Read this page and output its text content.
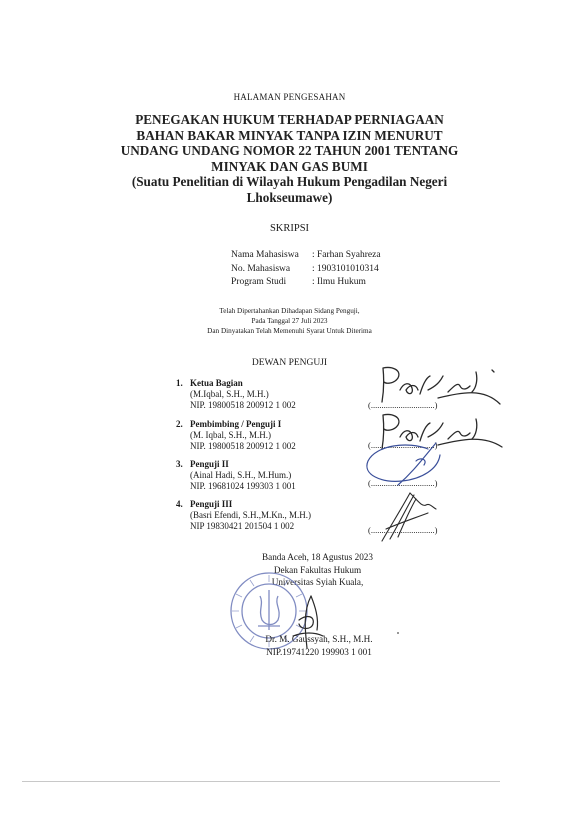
HALAMAN PENGESAHAN
PENEGAKAN HUKUM TERHADAP PERNIAGAAN
BAHAN BAKAR MINYAK TANPA IZIN MENURUT
UNDANG UNDANG NOMOR 22 TAHUN 2001 TENTANG
MINYAK DAN GAS BUMI
(Suatu Penelitian di Wilayah Hukum Pengadilan Negeri
Lhokseumawe)
SKRIPSI
Nama Mahasiswa	: Farhan Syahreza
No. Mahasiswa	: 1903101010314
Program Studi	: Ilmu Hukum
Telah Dipertahankan Dihadapan Sidang Penguji,
Pada Tanggal 27 Juli 2023
Dan Dinyatakan Telah Memenuhi Syarat Untuk Diterima
DEWAN PENGUJI
1. Ketua Bagian
(M.Iqbal, S.H., M.H.)
NIP. 19800518 200912 1 002	(..............................)
2. Pembimbing / Penguji I
(M. Iqbal, S.H., M.H.)
NIP. 19800518 200912 1 002	(..............................)
3. Penguji II
(Ainal Hadi, S.H., M.Hum.)
NIP. 19681024 199303 1 001	(..............................)
4. Penguji III
(Basri Efendi, S.H.,M.Kn., M.H.)
NIP 19830421 201504 1 002	(..............................)
Banda Aceh, 18 Agustus 2023
Dekan Fakultas Hukum
Universitas Syiah Kuala,
Dr. M. Gaussyah, S.H., M.H.
NIP.19741220 199903 1 001
